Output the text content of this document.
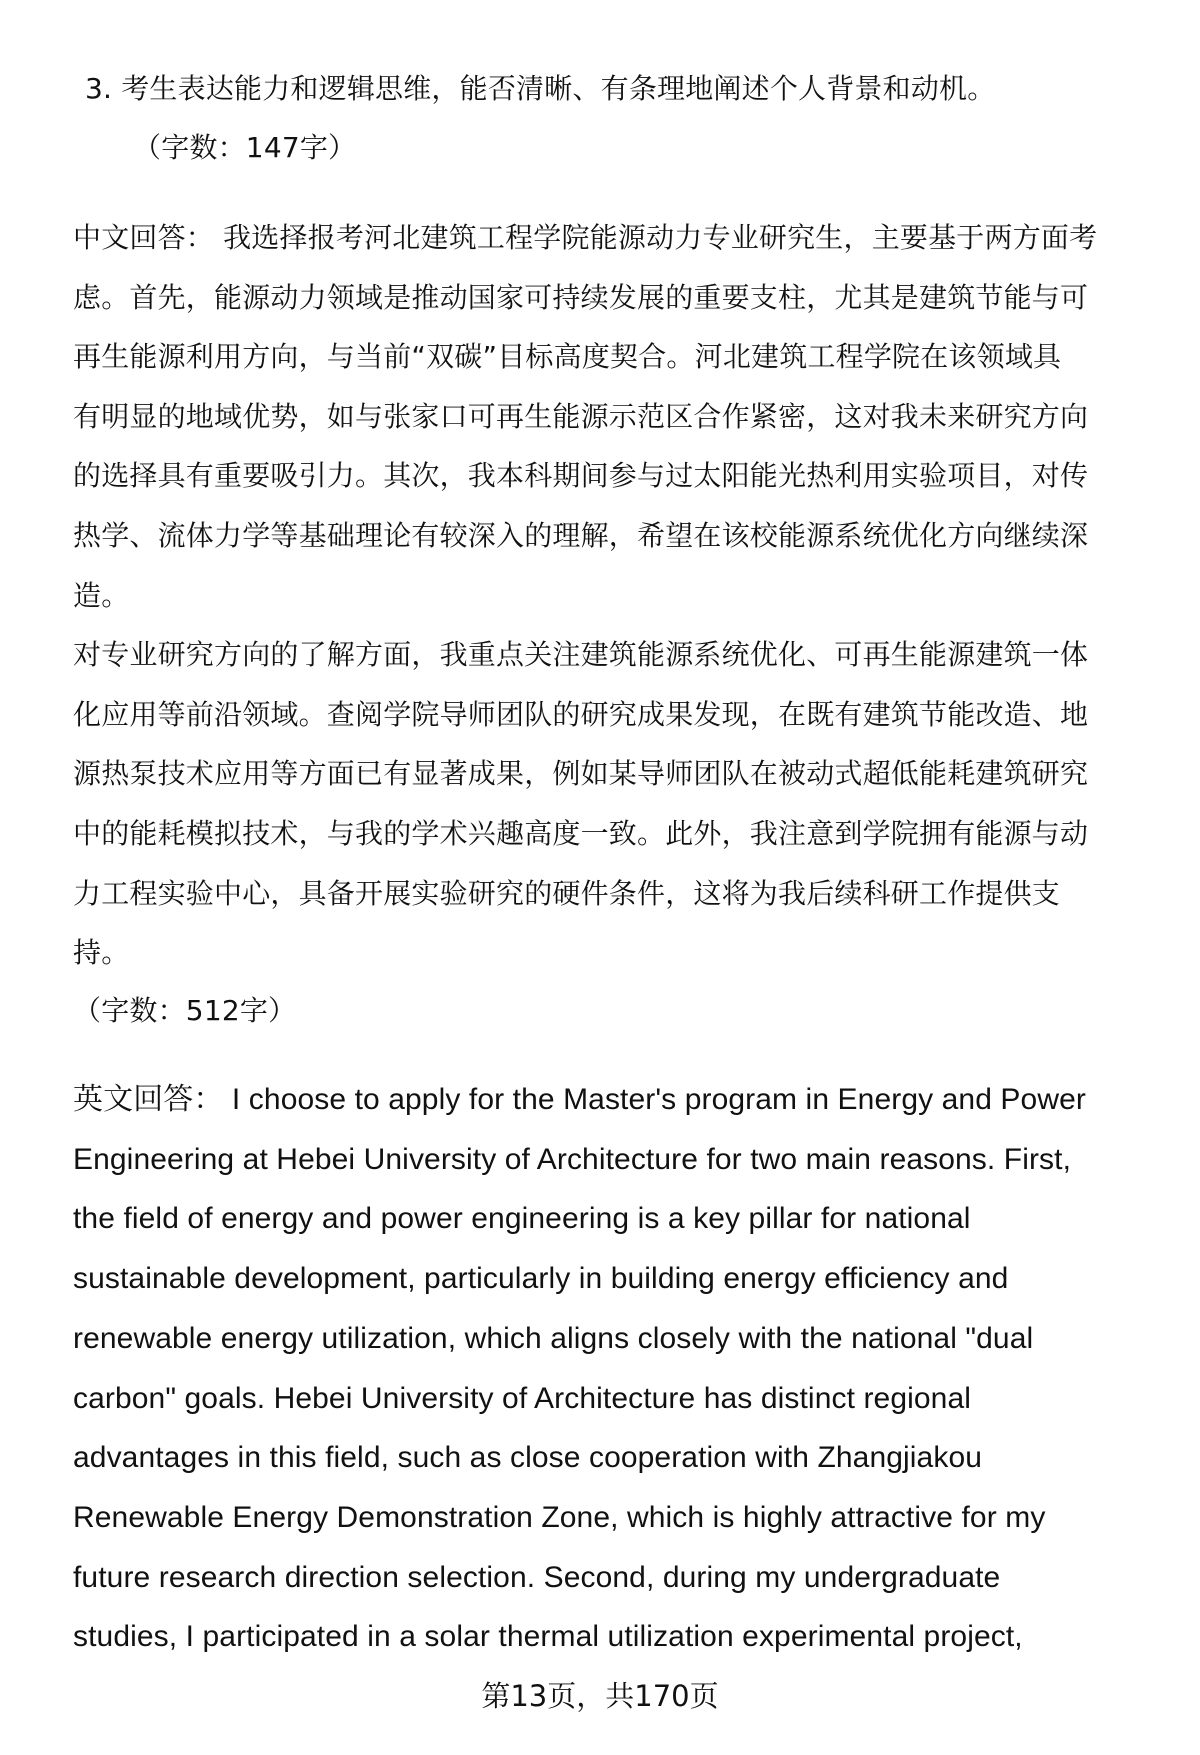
3. 考生表达能力和逻辑思维，能否清晰、有条理地阐述个人背景和动机。
（字数：147字）
中文回答： 我选择报考河北建筑工程学院能源动力专业研究生，主要基于两方面考
虑。首先，能源动力领域是推动国家可持续发展的重要支柱，尤其是建筑节能与可
再生能源利用方向，与当前“双碳”目标高度契合。河北建筑工程学院在该领域具
有明显的地域优势，如与张家口可再生能源示范区合作紧密，这对我未来研究方向
的选择具有重要吸引力。其次，我本科期间参与过太阳能光热利用实验项目，对传
热学、流体力学等基础理论有较深入的理解，希望在该校能源系统优化方向继续深
造。
对专业研究方向的了解方面，我重点关注建筑能源系统优化、可再生能源建筑一体
化应用等前沿领域。查阅学院导师团队的研究成果发现，在既有建筑节能改造、地
源热泵技术应用等方面已有显著成果，例如某导师团队在被动式超低能耗建筑研究
中的能耗模拟技术，与我的学术兴趣高度一致。此外，我注意到学院拥有能源与动
力工程实验中心，具备开展实验研究的硬件条件，这将为我后续科研工作提供支
持。
（字数：512字）
英文回答： I choose to apply for the Master's program in Energy and Power
Engineering at Hebei University of Architecture for two main reasons. First,
the field of energy and power engineering is a key pillar for national
sustainable development, particularly in building energy efficiency and
renewable energy utilization, which aligns closely with the national "dual
carbon" goals. Hebei University of Architecture has distinct regional
advantages in this field, such as close cooperation with Zhangjiakou
Renewable Energy Demonstration Zone, which is highly attractive for my
future research direction selection. Second, during my undergraduate
studies, I participated in a solar thermal utilization experimental project,
第13页，共170页
